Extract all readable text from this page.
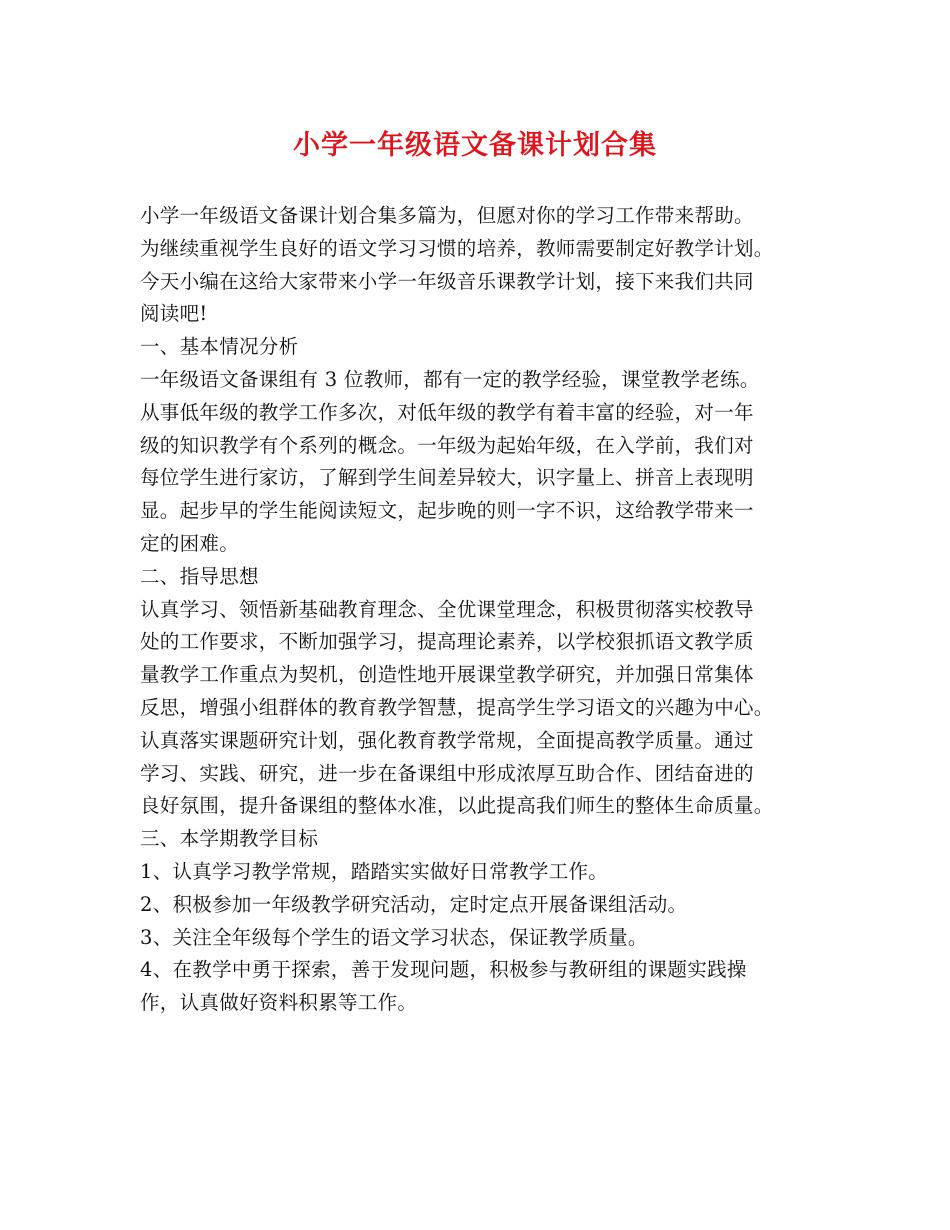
小学一年级语文备课计划合集
小学一年级语文备课计划合集多篇为，但愿对你的学习工作带来帮助。
为继续重视学生良好的语文学习习惯的培养，教师需要制定好教学计划。
今天小编在这给大家带来小学一年级音乐课教学计划，接下来我们共同
阅读吧!
一、基本情况分析
一年级语文备课组有 3 位教师，都有一定的教学经验，课堂教学老练。
从事低年级的教学工作多次，对低年级的教学有着丰富的经验，对一年
级的知识教学有个系列的概念。一年级为起始年级，在入学前，我们对
每位学生进行家访，了解到学生间差异较大，识字量上、拼音上表现明
显。起步早的学生能阅读短文，起步晚的则一字不识，这给教学带来一
定的困难。
二、指导思想
认真学习、领悟新基础教育理念、全优课堂理念，积极贯彻落实校教导
处的工作要求，不断加强学习，提高理论素养，以学校狠抓语文教学质
量教学工作重点为契机，创造性地开展课堂教学研究，并加强日常集体
反思，增强小组群体的教育教学智慧，提高学生学习语文的兴趣为中心。
认真落实课题研究计划，强化教育教学常规，全面提高教学质量。通过
学习、实践、研究，进一步在备课组中形成浓厚互助合作、团结奋进的
良好氛围，提升备课组的整体水准，以此提高我们师生的整体生命质量。
三、本学期教学目标
1、认真学习教学常规，踏踏实实做好日常教学工作。
2、积极参加一年级教学研究活动，定时定点开展备课组活动。
3、关注全年级每个学生的语文学习状态，保证教学质量。
4、在教学中勇于探索，善于发现问题，积极参与教研组的课题实践操
作，认真做好资料积累等工作。
